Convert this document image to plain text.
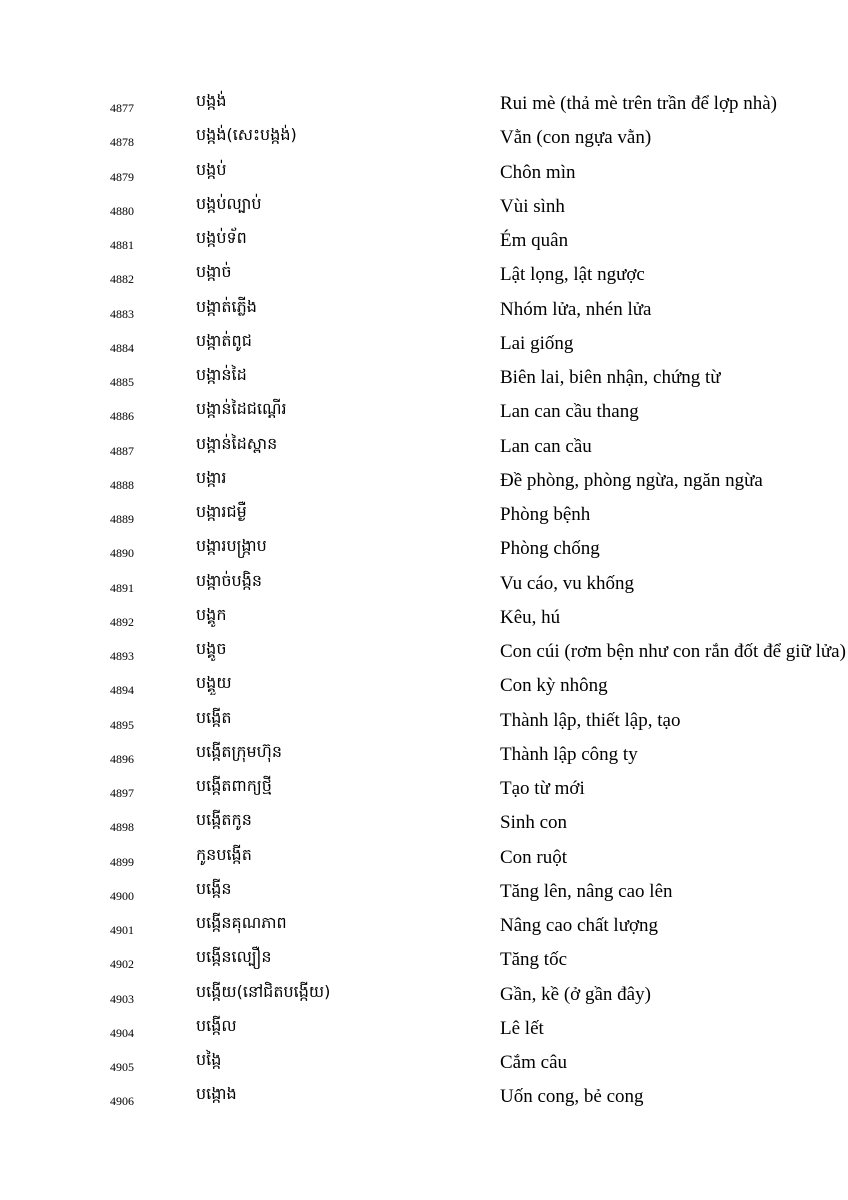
4877	បង្កង់	Rui mè (thả mè trên trần để lợp nhà)
4878	បង្កង់(សេះបង្កង់)	Vằn (con ngựa vằn)
4879	បង្កប់	Chôn mìn
4880	បង្កប់ល្បាប់	Vùi sình
4881	បង្កប់ទ័ព	Ém quân
4882	បង្កាច់	Lật lọng, lật ngược
4883	បង្កាត់ភ្លើង	Nhóm lửa, nhén lửa
4884	បង្កាត់ពូជ	Lai giống
4885	បង្កាន់ដៃ	Biên lai, biên nhận, chứng từ
4886	បង្កាន់ដៃជណ្តើរ	Lan can cầu thang
4887	បង្កាន់ដៃស្ពាន	Lan can cầu
4888	បង្ការ	Đề phòng, phòng ngừa, ngăn ngừa
4889	បង្ការជម្ងឺ	Phòng bệnh
4890	បង្ការបង្ក្រាប	Phòng chống
4891	បង្កាច់បង្កិន	Vu cáo, vu khống
4892	បង្គូក	Kêu, hú
4893	បង្គូច	Con cúi (rơm bện như con rắn đốt để giữ lửa)
4894	បង្គួយ	Con kỳ nhông
4895	បង្កើត	Thành lập, thiết lập, tạo
4896	បង្កើតក្រុមហ៊ុន	Thành lập công ty
4897	បង្កើតពាក្យថ្មី	Tạo từ mới
4898	បង្កើតកូន	Sinh con
4899	កូនបង្កើត	Con ruột
4900	បង្កើន	Tăng lên, nâng cao lên
4901	បង្កើនគុណភាព	Nâng cao chất lượng
4902	បង្កើនល្បឿន	Tăng tốc
4903	បង្កើយ(នៅជិតបង្កើយ)	Gần, kề (ở gần đây)
4904	បង្កើល	Lê lết
4905	បង្កៃ	Cắm câu
4906	បង្កោង	Uốn cong, bẻ cong
